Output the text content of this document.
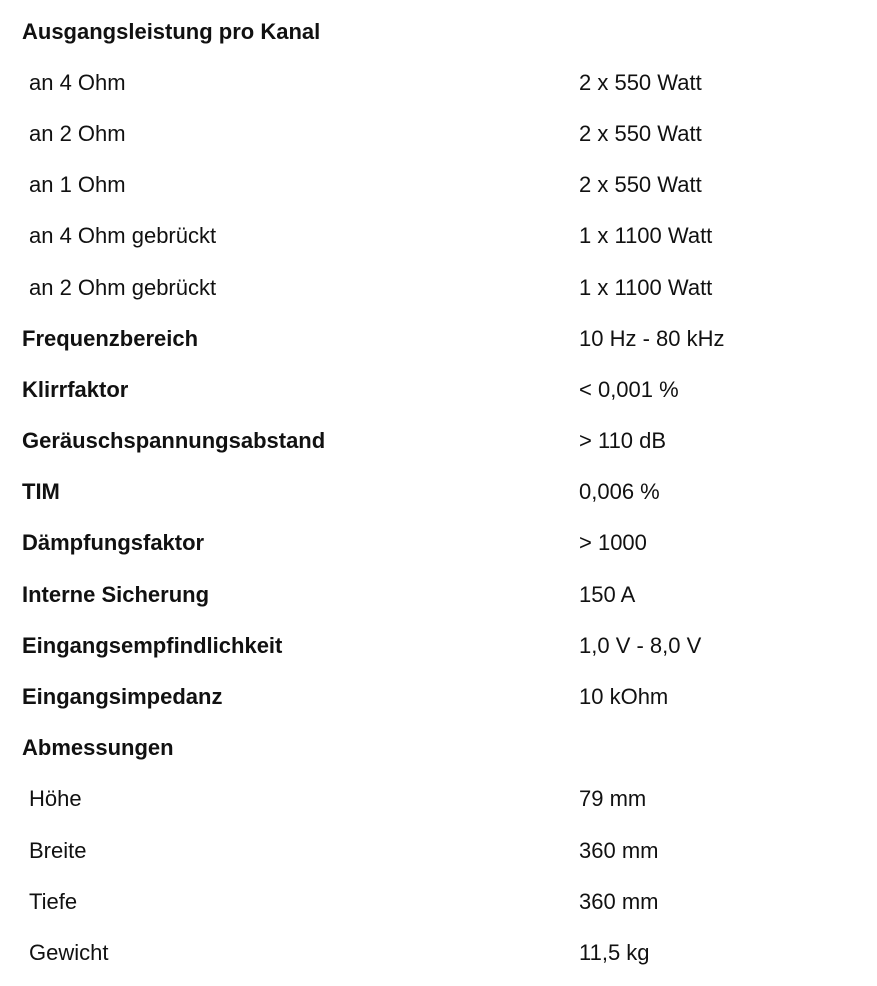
Ausgangsleistung pro Kanal
an 4 Ohm	2 x 550 Watt
an 2 Ohm	2 x 550 Watt
an 1 Ohm	2 x 550 Watt
an 4 Ohm gebrückt	1 x 1100 Watt
an 2 Ohm gebrückt	1 x 1100 Watt
Frequenzbereich	10 Hz - 80 kHz
Klirrfaktor	< 0,001 %
Geräuschspannungsabstand	> 110 dB
TIM	0,006 %
Dämpfungsfaktor	> 1000
Interne Sicherung	150 A
Eingangsempfindlichkeit	1,0 V - 8,0 V
Eingangsimpedanz	10 kOhm
Abmessungen
Höhe	79 mm
Breite	360 mm
Tiefe	360 mm
Gewicht	11,5 kg
